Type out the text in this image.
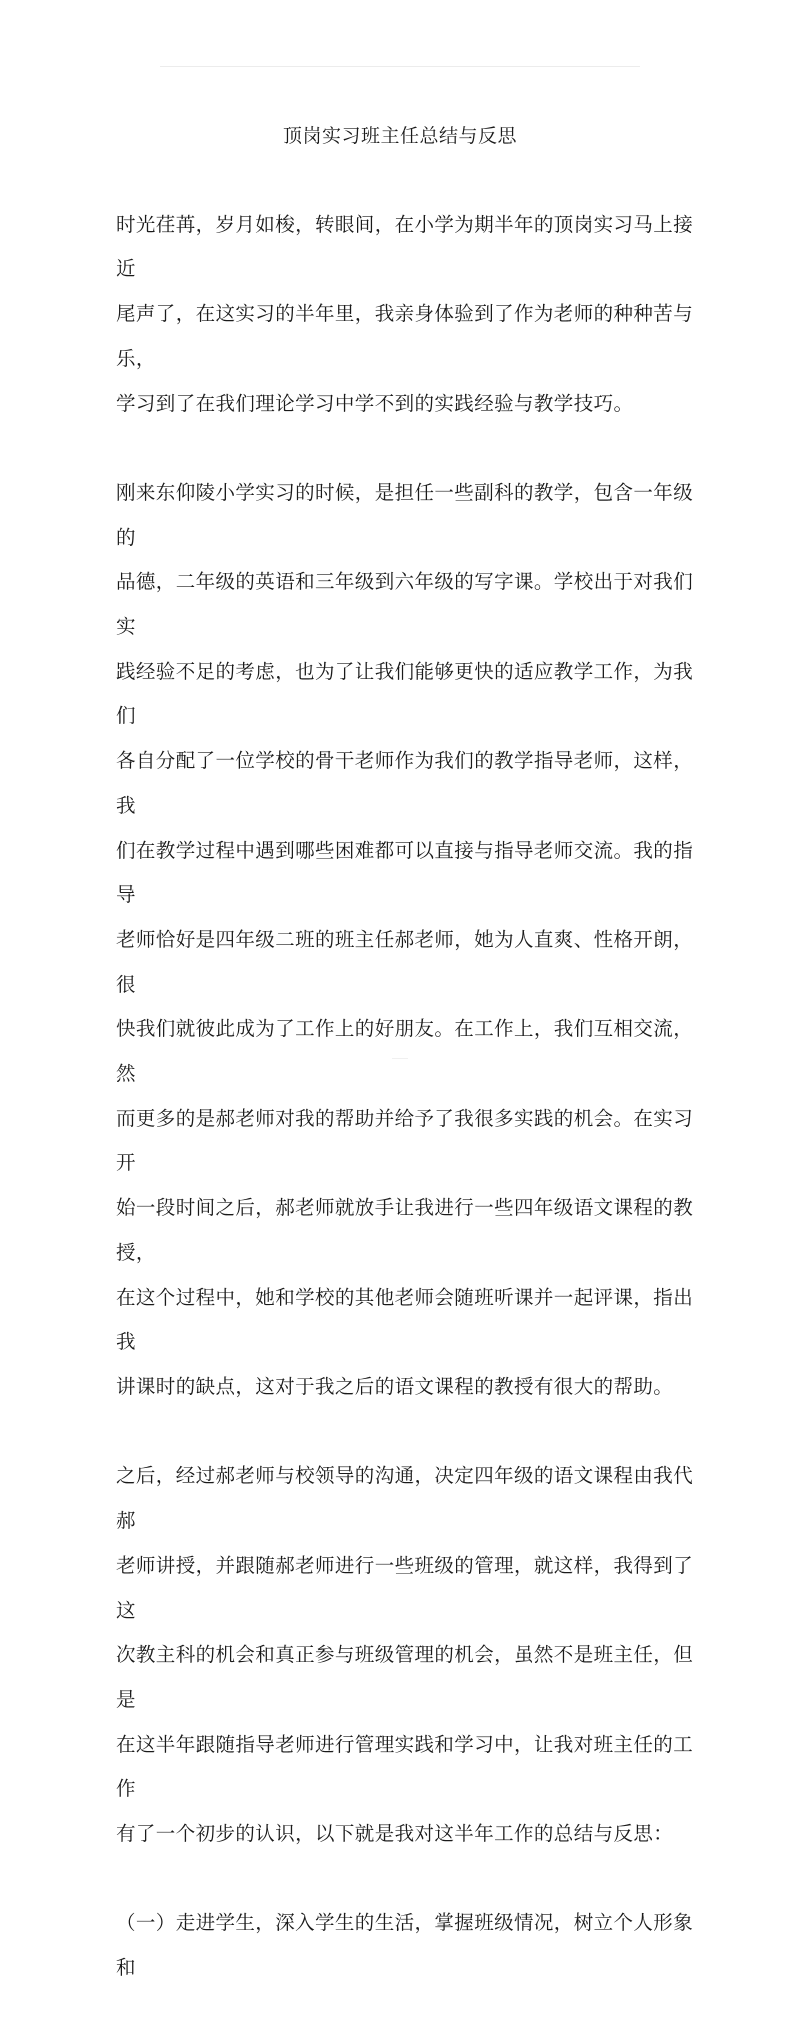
顶岗实习班主任总结与反思

时光荏苒，岁月如梭，转眼间，在小学为期半年的顶岗实习马上接近
尾声了，在这实习的半年里，我亲身体验到了作为老师的种种苦与乐，
学习到了在我们理论学习中学不到的实践经验与教学技巧。

刚来东仰陵小学实习的时候，是担任一些副科的教学，包含一年级的
品德，二年级的英语和三年级到六年级的写字课。学校出于对我们实
践经验不足的考虑，也为了让我们能够更快的适应教学工作，为我们
各自分配了一位学校的骨干老师作为我们的教学指导老师，这样，我
们在教学过程中遇到哪些困难都可以直接与指导老师交流。我的指导
老师恰好是四年级二班的班主任郝老师，她为人直爽、性格开朗，很
快我们就彼此成为了工作上的好朋友。在工作上，我们互相交流，然
而更多的是郝老师对我的帮助并给予了我很多实践的机会。在实习开
始一段时间之后，郝老师就放手让我进行一些四年级语文课程的教授，
在这个过程中，她和学校的其他老师会随班听课并一起评课，指出我
讲课时的缺点，这对于我之后的语文课程的教授有很大的帮助。

之后，经过郝老师与校领导的沟通，决定四年级的语文课程由我代郝
老师讲授，并跟随郝老师进行一些班级的管理，就这样，我得到了这
次教主科的机会和真正参与班级管理的机会，虽然不是班主任，但是
在这半年跟随指导老师进行管理实践和学习中，让我对班主任的工作
有了一个初步的认识，以下就是我对这半年工作的总结与反思：

（一）走进学生，深入学生的生活，掌握班级情况，树立个人形象和
